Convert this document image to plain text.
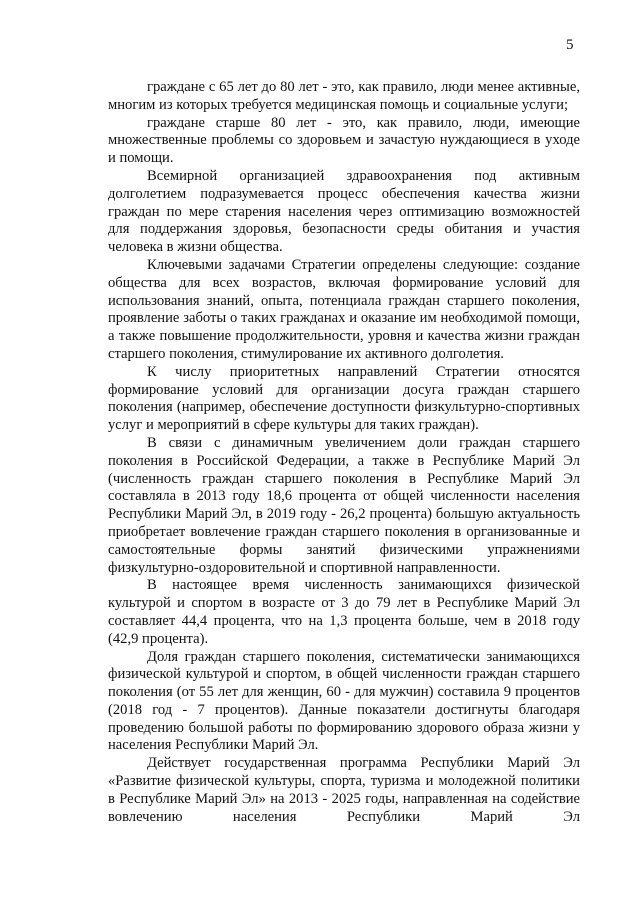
5

граждане с 65 лет до 80 лет - это, как правило, люди менее активные, многим из которых требуется медицинская помощь и социальные услуги;

граждане старше 80 лет - это, как правило, люди, имеющие множественные проблемы со здоровьем и зачастую нуждающиеся в уходе и помощи.

Всемирной организацией здравоохранения под активным долголетием подразумевается процесс обеспечения качества жизни граждан по мере старения населения через оптимизацию возможностей для поддержания здоровья, безопасности среды обитания и участия человека в жизни общества.

Ключевыми задачами Стратегии определены следующие: создание общества для всех возрастов, включая формирование условий для использования знаний, опыта, потенциала граждан старшего поколения, проявление заботы о таких гражданах и оказание им необходимой помощи, а также повышение продолжительности, уровня и качества жизни граждан старшего поколения, стимулирование их активного долголетия.

К числу приоритетных направлений Стратегии относятся формирование условий для организации досуга граждан старшего поколения (например, обеспечение доступности физкультурно-спортивных услуг и мероприятий в сфере культуры для таких граждан).

В связи с динамичным увеличением доли граждан старшего поколения в Российской Федерации, а также в Республике Марий Эл (численность граждан старшего поколения в Республике Марий Эл составляла в 2013 году 18,6 процента от общей численности населения Республики Марий Эл, в 2019 году - 26,2 процента) большую актуальность приобретает вовлечение граждан старшего поколения в организованные и самостоятельные формы занятий физическими упражнениями физкультурно-оздоровительной и спортивной направленности.

В настоящее время численность занимающихся физической культурой и спортом в возрасте от 3 до 79 лет в Республике Марий Эл составляет 44,4 процента, что на 1,3 процента больше, чем в 2018 году (42,9 процента).

Доля граждан старшего поколения, систематически занимающихся физической культурой и спортом, в общей численности граждан старшего поколения (от 55 лет для женщин, 60 - для мужчин) составила 9 процентов (2018 год - 7 процентов). Данные показатели достигнуты благодаря проведению большой работы по формированию здорового образа жизни у населения Республики Марий Эл.

Действует государственная программа Республики Марий Эл «Развитие физической культуры, спорта, туризма и молодежной политики в Республике Марий Эл» на 2013 - 2025 годы, направленная на содействие вовлечению населения Республики Марий Эл
